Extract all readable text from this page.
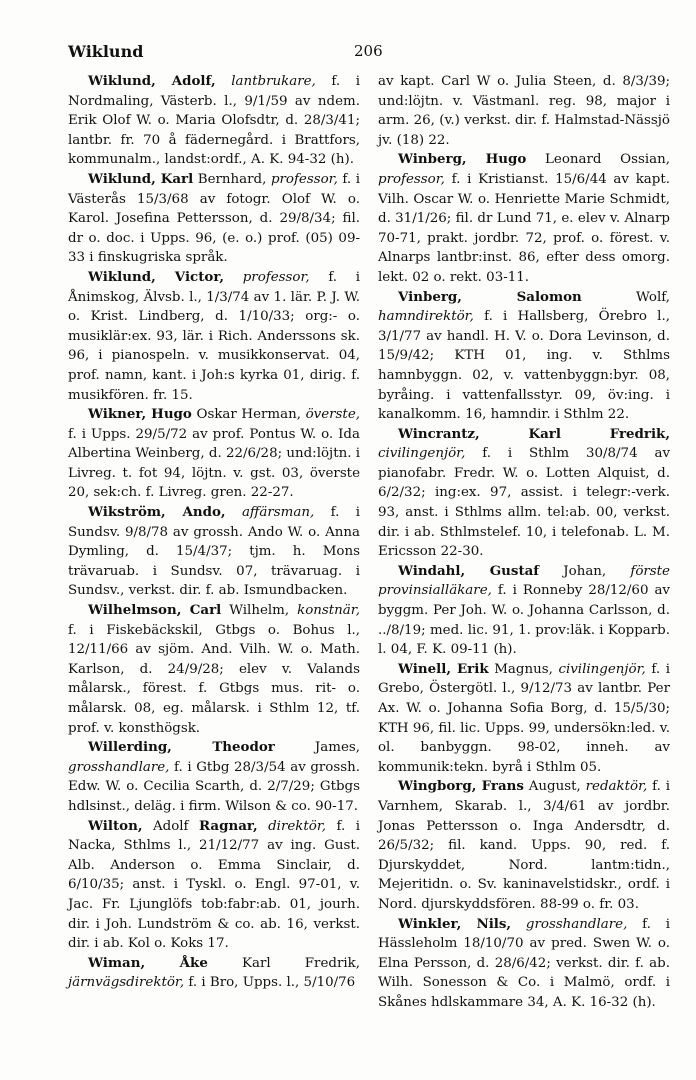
Wiklund	206

Wiklund, Adolf, lantbrukare, f. i Nordmaling, Västerb. l., 9/1/59 av ndem. Erik Olof W. o. Maria Olofsdtr, d. 28/3/41; lantbr. fr. 70 å fädernegård. i Brattfors, kommunalm., landst:ordf., A. K. 94-32 (h).

Wiklund, Karl Bernhard, professor, f. i Västerås 15/3/68 av fotogr. Olof W. o. Karol. Josefina Pettersson, d. 29/8/34; fil. dr o. doc. i Upps. 96, (e. o.) prof. (05) 09-33 i finskugriska språk.

Wiklund, Victor, professor, f. i Ånimskog, Älvsb. l., 1/3/74 av 1. lär. P. J. W. o. Krist. Lindberg, d. 1/10/33; org:- o. musiklär:ex. 93, lär. i Rich. Anderssons sk. 96, i pianospeln. v. musikkonservat. 04, prof. namn, kant. i Joh:s kyrka 01, dirig. f. musikfören. fr. 15.

Wikner, Hugo Oskar Herman, överste, f. i Upps. 29/5/72 av prof. Pontus W. o. Ida Albertina Weinberg, d. 22/6/28; und:löjtn. i Livreg. t. fot 94, löjtn. v. gst. 03, överste 20, sek:ch. f. Livreg. gren. 22-27.

Wikström, Ando, affärsman, f. i Sundsv. 9/8/78 av grossh. Ando W. o. Anna Dymling, d. 15/4/37; tjm. h. Mons trävaruab. i Sundsv. 07, trävaruag. i Sundsv., verkst. dir. f. ab. Ismundbacken.

Wilhelmson, Carl Wilhelm, konstnär, f. i Fiskebäckskil, Gtbgs o. Bohus l., 12/11/66 av sjöm. And. Vilh. W. o. Math. Karlson, d. 24/9/28; elev v. Valands målarsk., förest. f. Gtbgs mus. rit- o. målarsk. 08, eg. målarsk. i Sthlm 12, tf. prof. v. konsthögsk.

Willerding, Theodor	James, grosshandlare, f. i Gtbg 28/3/54 av grossh. Edw. W. o. Cecilia Scarth, d. 2/7/29; Gtbgs hdlsinst., deläg. i firm. Wilson & co. 90-17.

Wilton, Adolf Ragnar, direktör, f. i Nacka, Sthlms l., 21/12/77 av ing. Gust. Alb. Anderson o. Emma Sinclair, d. 6/10/35; anst. i Tyskl. o. Engl. 97-01, v. Jac. Fr. Ljunglöfs tob:fabr:ab. 01, jourh. dir. i Joh. Lundström & co. ab. 16, verkst. dir. i ab. Kol o. Koks 17.

Wiman, Åke	Karl Fredrik, järnvägsdirektör, f. i Bro, Upps. l., 5/10/76

av kapt. Carl W o. Julia Steen, d. 8/3/39; und:löjtn. v. Västmanl. reg. 98, major i arm. 26, (v.) verkst. dir. f. Halmstad-Nässjö jv. (18) 22.

Winberg, Hugo Leonard Ossian, professor, f. i Kristianst. 15/6/44 av kapt. Vilh. Oscar W. o. Henriette Marie Schmidt, d. 31/1/26; fil. dr Lund 71, e. elev v. Alnarp 70-71, prakt. jordbr. 72, prof. o. förest. v. Alnarps lantbr:inst. 86, efter dess omorg. lekt. 02 o. rekt. 03-11.

Vinberg, Salomon	Wolf, hamndirektör, f. i Hallsberg, Örebro l., 3/1/77 av handl. H. V. o. Dora Levinson, d. 15/9/42; KTH 01, ing. v. Sthlms hamnbyggn. 02, v. vattenbyggn:byr. 08, byråing. i vattenfallsstyr. 09, öv:ing. i kanalkomm. 16, hamndir. i Sthlm 22.

Wincrantz, Karl Fredrik, civilingenjör, f. i Sthlm 30/8/74 av pianofabr. Fredr. W. o. Lotten Alquist, d. 6/2/32; ing:ex. 97, assist. i telegr:-verk. 93, anst. i Sthlms allm. tel:ab. 00, verkst. dir. i ab. Sthlmstelef. 10, i telefonab. L. M. Ericsson 22-30.

Windahl, Gustaf Johan, förste provinsialläkare, f. i Ronneby 28/12/60 av byggm. Per Joh. W. o. Johanna Carlsson, d. ../8/19; med. lic. 91, 1. prov:läk. i Kopparb. l. 04, F. K. 09-11 (h).

Winell, Erik Magnus, civilingenjör, f. i Grebo, Östergötl. l., 9/12/73 av lantbr. Per Ax. W. o. Johanna Sofia Borg, d. 15/5/30; KTH 96, fil. lic. Upps. 99, undersökn:led. v. ol. banbyggn. 98-02, inneh. av kommunik:tekn. byrå i Sthlm 05.

Wingborg, Frans August, redaktör, f. i Varnhem, Skarab. l., 3/4/61 av jordbr. Jonas Pettersson o. Inga Andersdtr, d. 26/5/32; fil. kand. Upps. 90, red. f. Djurskyddet, Nord. lantm:tidn., Mejeritidn. o. Sv. kaninavelstidskr., ordf. i Nord. djurskyddsfören. 88-99 o. fr. 03.

Winkler, Nils, grosshandlare, f. i Hässleholm 18/10/70 av pred. Swen W. o. Elna Persson, d. 28/6/42; verkst. dir. f. ab. Wilh. Sonesson & Co. i Malmö, ordf. i Skånes hdlskammare 34, A. K. 16-32 (h).
